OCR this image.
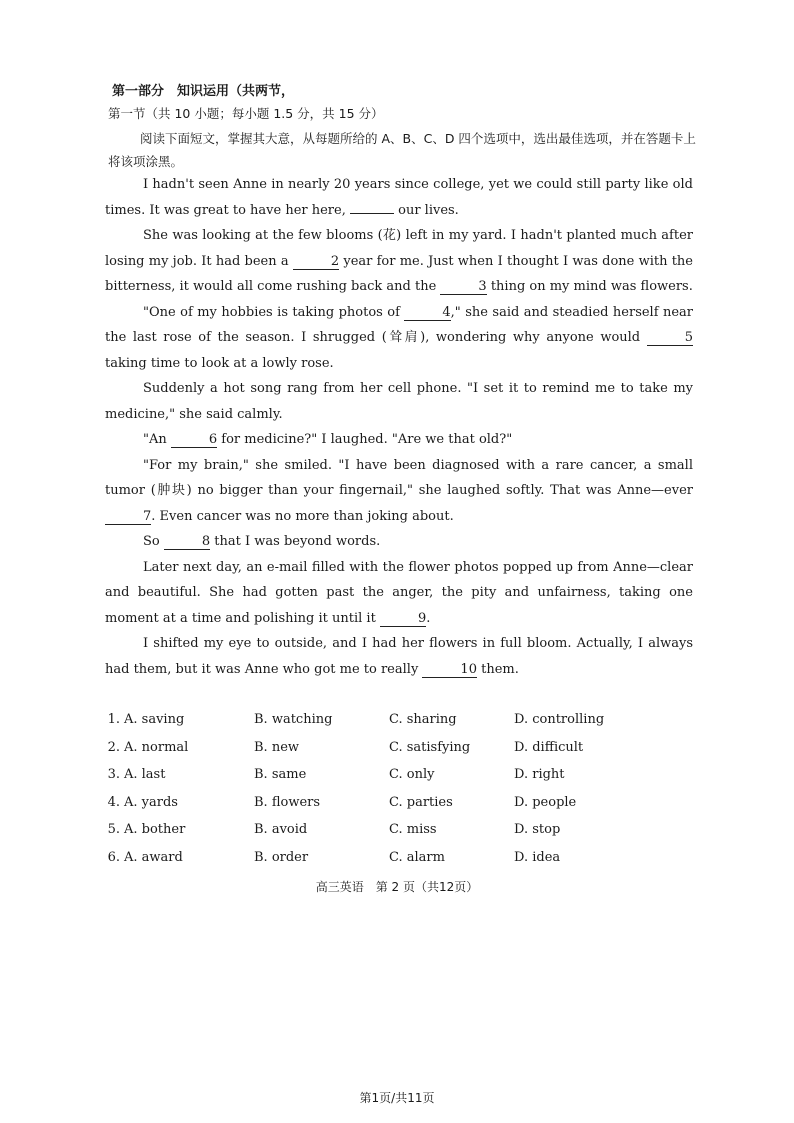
第一部分　知识运用（共两节，
第一节（共 10 小题；每小题 1.5 分，共 15 分）
阅读下面短文，掌握其大意，从每题所给的 A、B、C、D 四个选项中，选出最佳选项，并在答题卡上将该项涂黑。

I hadn't seen Anne in nearly 20 years since college, yet we could still party like old times. It was great to have her here,	our lives.

She was looking at the few blooms (花) left in my yard. I hadn't planted much after losing my job. It had been a	2 year for me. Just when I thought I was done with the bitterness, it would all come rushing back and the	3 thing on my mind was flowers.

"One of my hobbies is taking photos of	4," she said and steadied herself near the last rose of the season. I shrugged (耸肩), wondering why anyone would	5 taking time to look at a lowly rose.

Suddenly a hot song rang from her cell phone. "I set it to remind me to take my medicine," she said calmly.

"An	6 for medicine?" I laughed. "Are we that old?"

"For my brain," she smiled. "I have been diagnosed with a rare cancer, a small tumor (肿块) no bigger than your fingernail," she laughed softly. That was Anne—ever 7. Even cancer was no more than joking about.

So	8 that I was beyond words.

Later next day, an e-mail filled with the flower photos popped up from Anne—clear and beautiful. She had gotten past the anger, the pity and unfairness, taking one moment at a time and polishing it until it	9.

I shifted my eye to outside, and I had her flowers in full bloom. Actually, I always had them, but it was Anne who got me to really	10 them.

1. A. saving	B. watching	C. sharing	D. controlling
2. A. normal	B. new	C. satisfying	D. difficult
3. A. last	B. same	C. only	D. right
4. A. yards	B. flowers	C. parties	D. people
5. A. bother	B. avoid	C. miss	D. stop
6. A. award	B. order	C. alarm	D. idea
高三英语　第 2 页（共12页）
第1页/共11页
